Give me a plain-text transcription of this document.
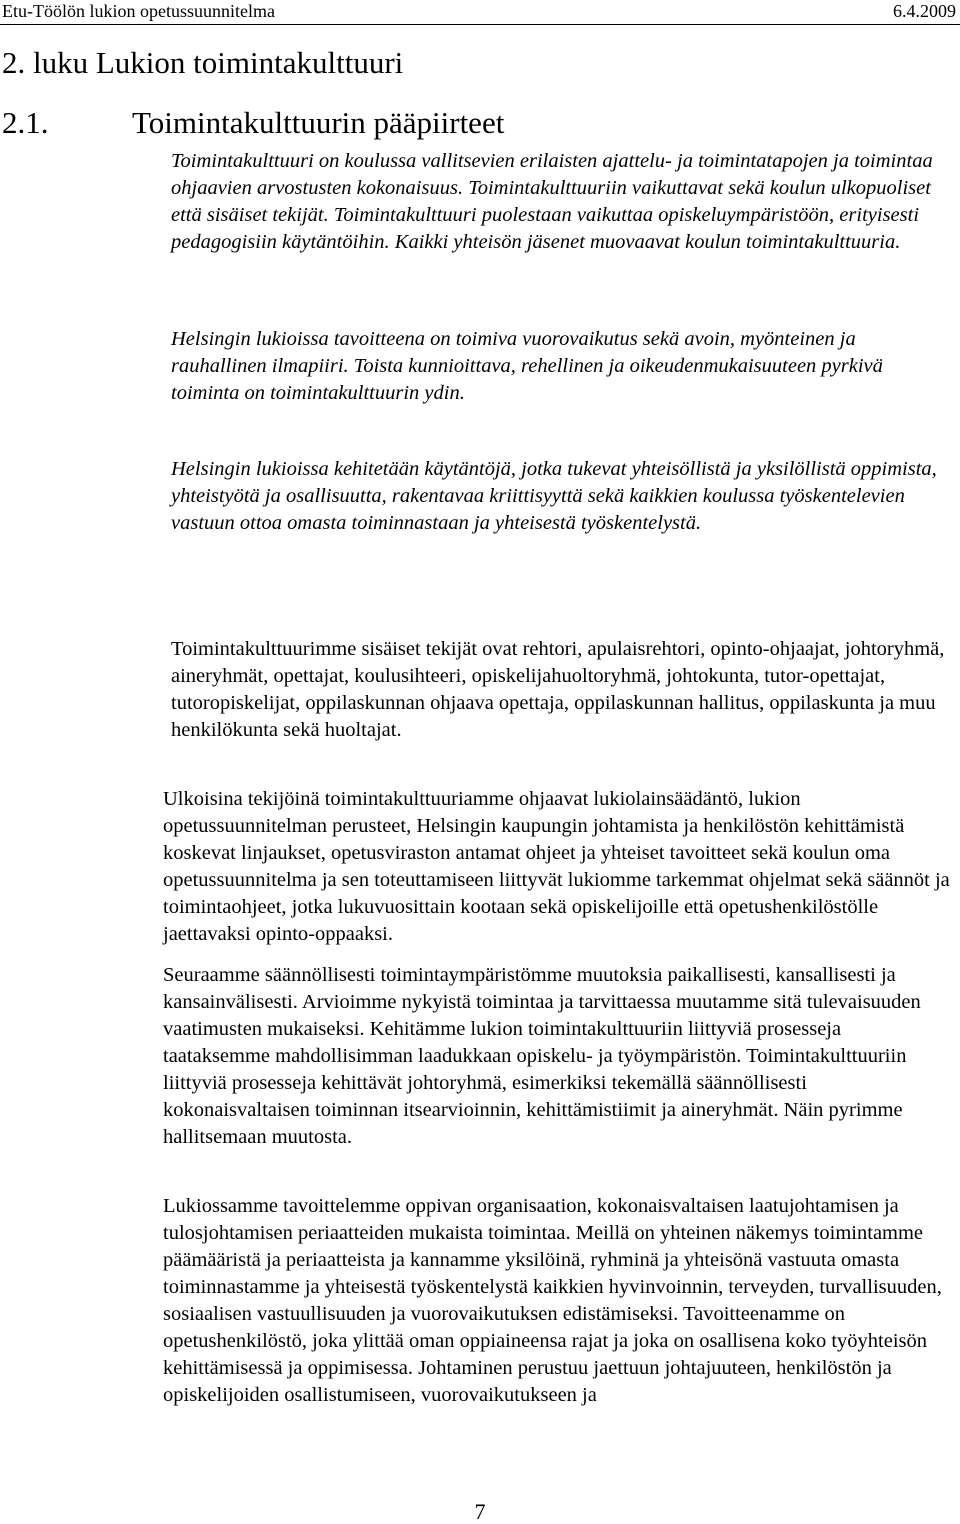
Etu-Töölön lukion opetussuunnitelma	6.4.2009
2. luku Lukion toimintakulttuuri
2.1.	Toimintakulttuurin pääpiirteet

Toimintakulttuuri on koulussa vallitsevien erilaisten ajattelu- ja toimintatapojen ja toimintaa ohjaavien arvostusten kokonaisuus. Toimintakulttuuriin vaikuttavat sekä koulun ulkopuoliset että sisäiset tekijät. Toimintakulttuuri puolestaan vaikuttaa opiskeluympäristöön, erityisesti pedagogisiin käytäntöihin. Kaikki yhteisön jäsenet muovaavat koulun toimintakulttuuria.

Helsingin lukioissa tavoitteena on toimiva vuorovaikutus sekä avoin, myönteinen ja rauhallinen ilmapiiri. Toista kunnioittava, rehellinen ja oikeudenmukaisuuteen pyrkivä toiminta on toimintakulttuurin ydin.

Helsingin lukioissa kehitetään käytäntöjä, jotka tukevat yhteisöllistä ja yksilöllistä oppimista, yhteistyötä ja osallisuutta, rakentavaa kriittisyyttä sekä kaikkien koulussa työskentelevien vastuun ottoa omasta toiminnastaan ja yhteisestä työskentelystä.

Toimintakulttuurimme sisäiset tekijät ovat rehtori, apulaisrehtori, opinto-ohjaajat, johtoryhmä, aineryhmät, opettajat, koulusihteeri, opiskelijahuoltoryhmä, johtokunta, tutor-opettajat, tutoropiskelijat, oppilaskunnan ohjaava opettaja, oppilaskunnan hallitus, oppilaskunta ja muu henkilökunta sekä huoltajat.

Ulkoisina tekijöinä toimintakulttuuriamme ohjaavat lukiolainsäädäntö, lukion opetussuunnitelman perusteet, Helsingin kaupungin johtamista ja henkilöstön kehittämistä koskevat linjaukset, opetusviraston antamat ohjeet ja yhteiset tavoitteet sekä koulun oma opetussuunnitelma ja sen toteuttamiseen liittyvät lukiomme tarkemmat ohjelmat sekä säännöt ja toimintaohjeet, jotka lukuvuosittain kootaan sekä opiskelijoille että opetushenkilöstölle jaettavaksi opinto-oppaaksi.

Seuraamme säännöllisesti toimintaympäristömme muutoksia paikallisesti, kansallisesti ja kansainvälisesti. Arvioimme nykyistä toimintaa ja tarvittaessa muutamme sitä tulevaisuuden vaatimusten mukaiseksi. Kehitämme lukion toimintakulttuuriin liittyviä prosesseja taataksemme mahdollisimman laadukkaan opiskelu- ja työympäristön. Toimintakulttuuriin liittyviä prosesseja kehittävät johtoryhmä, esimerkiksi tekemällä säännöllisesti kokonaisvaltaisen toiminnan itsearvioinnin, kehittämistiimit ja aineryhmät. Näin pyrimme hallitsemaan muutosta.

Lukiossamme tavoittelemme oppivan organisaation, kokonaisvaltaisen laatujohtamisen ja tulosjohtamisen periaatteiden mukaista toimintaa. Meillä on yhteinen näkemys toimintamme päämääristä ja periaatteista ja kannamme yksilöinä, ryhminä ja yhteisönä vastuuta omasta toiminnastamme ja yhteisestä työskentelystä kaikkien hyvinvoinnin, terveyden, turvallisuuden, sosiaalisen vastuullisuuden ja vuorovaikutuksen edistämiseksi. Tavoitteenamme on opetushenkilöstö, joka ylittää oman oppiaineensa rajat ja joka on osallisena koko työyhteisön kehittämisessä ja oppimisessa. Johtaminen perustuu jaettuun johtajuuteen, henkilöstön ja opiskelijoiden osallistumiseen, vuorovaikutukseen ja

7
